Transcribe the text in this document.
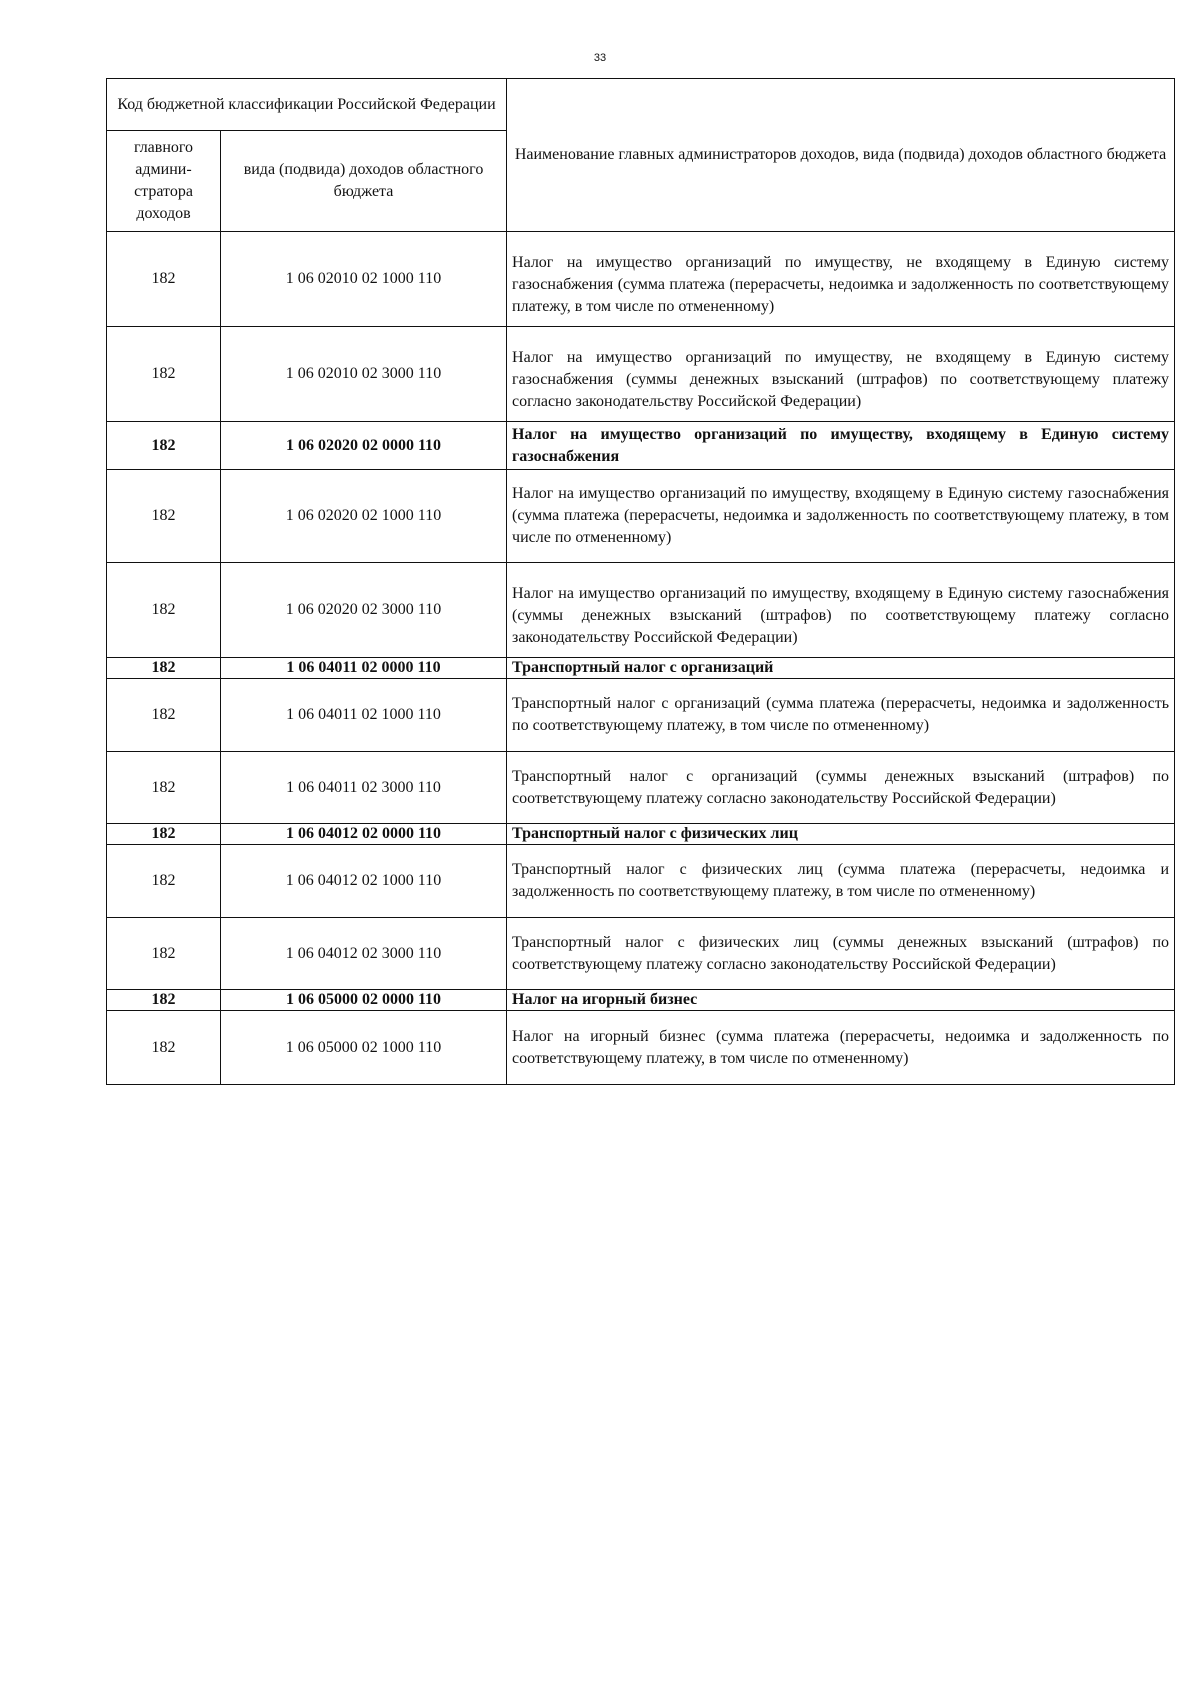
33
Код бюджетной классификации Российской Федерации		Наименование главных администраторов доходов, вида (подвида) доходов областного бюджета
главного админи-стратора доходов	вида (подвида) доходов областного бюджета	
182	1 06 02010 02 1000 110	Налог на имущество организаций по имуществу, не входящему в Единую систему газоснабжения (сумма платежа (перерасчеты, недоимка и задолженность по соответствующему платежу, в том числе по отмененному)
182	1 06 02010 02 3000 110	Налог на имущество организаций по имуществу, не входящему в Единую систему газоснабжения (суммы денежных взысканий (штрафов) по соответствующему платежу согласно законодательству Российской Федерации)
182	1 06 02020 02 0000 110	Налог на имущество организаций по имуществу, входящему в Единую систему газоснабжения
182	1 06 02020 02 1000 110	Налог на имущество организаций по имуществу, входящему в Единую систему газоснабжения (сумма платежа (перерасчеты, недоимка и задолженность по соответствующему платежу, в том числе по отмененному)
182	1 06 02020 02 3000 110	Налог на имущество организаций по имуществу, входящему в Единую систему газоснабжения (суммы денежных взысканий (штрафов) по соответствующему платежу согласно законодательству Российской Федерации)
182	1 06 04011 02 0000 110	Транспортный налог с организаций
182	1 06 04011 02 1000 110	Транспортный налог с организаций (сумма платежа (перерасчеты, недоимка и задолженность по соответствующему платежу, в том числе по отмененному)
182	1 06 04011 02 3000 110	Транспортный налог с организаций (суммы денежных взысканий (штрафов) по соответствующему платежу согласно законодательству Российской Федерации)
182	1 06 04012 02 0000 110	Транспортный налог с физических лиц
182	1 06 04012 02 1000 110	Транспортный налог с физических лиц (сумма платежа (перерасчеты, недоимка и задолженность по соответствующему платежу, в том числе по отмененному)
182	1 06 04012 02 3000 110	Транспортный налог с физических лиц (суммы денежных взысканий (штрафов) по соответствующему платежу согласно законодательству Российской Федерации)
182	1 06 05000 02 0000 110	Налог на игорный бизнес
182	1 06 05000 02 1000 110	Налог на игорный бизнес (сумма платежа (перерасчеты, недоимка и задолженность по соответствующему платежу, в том числе по отмененному)
